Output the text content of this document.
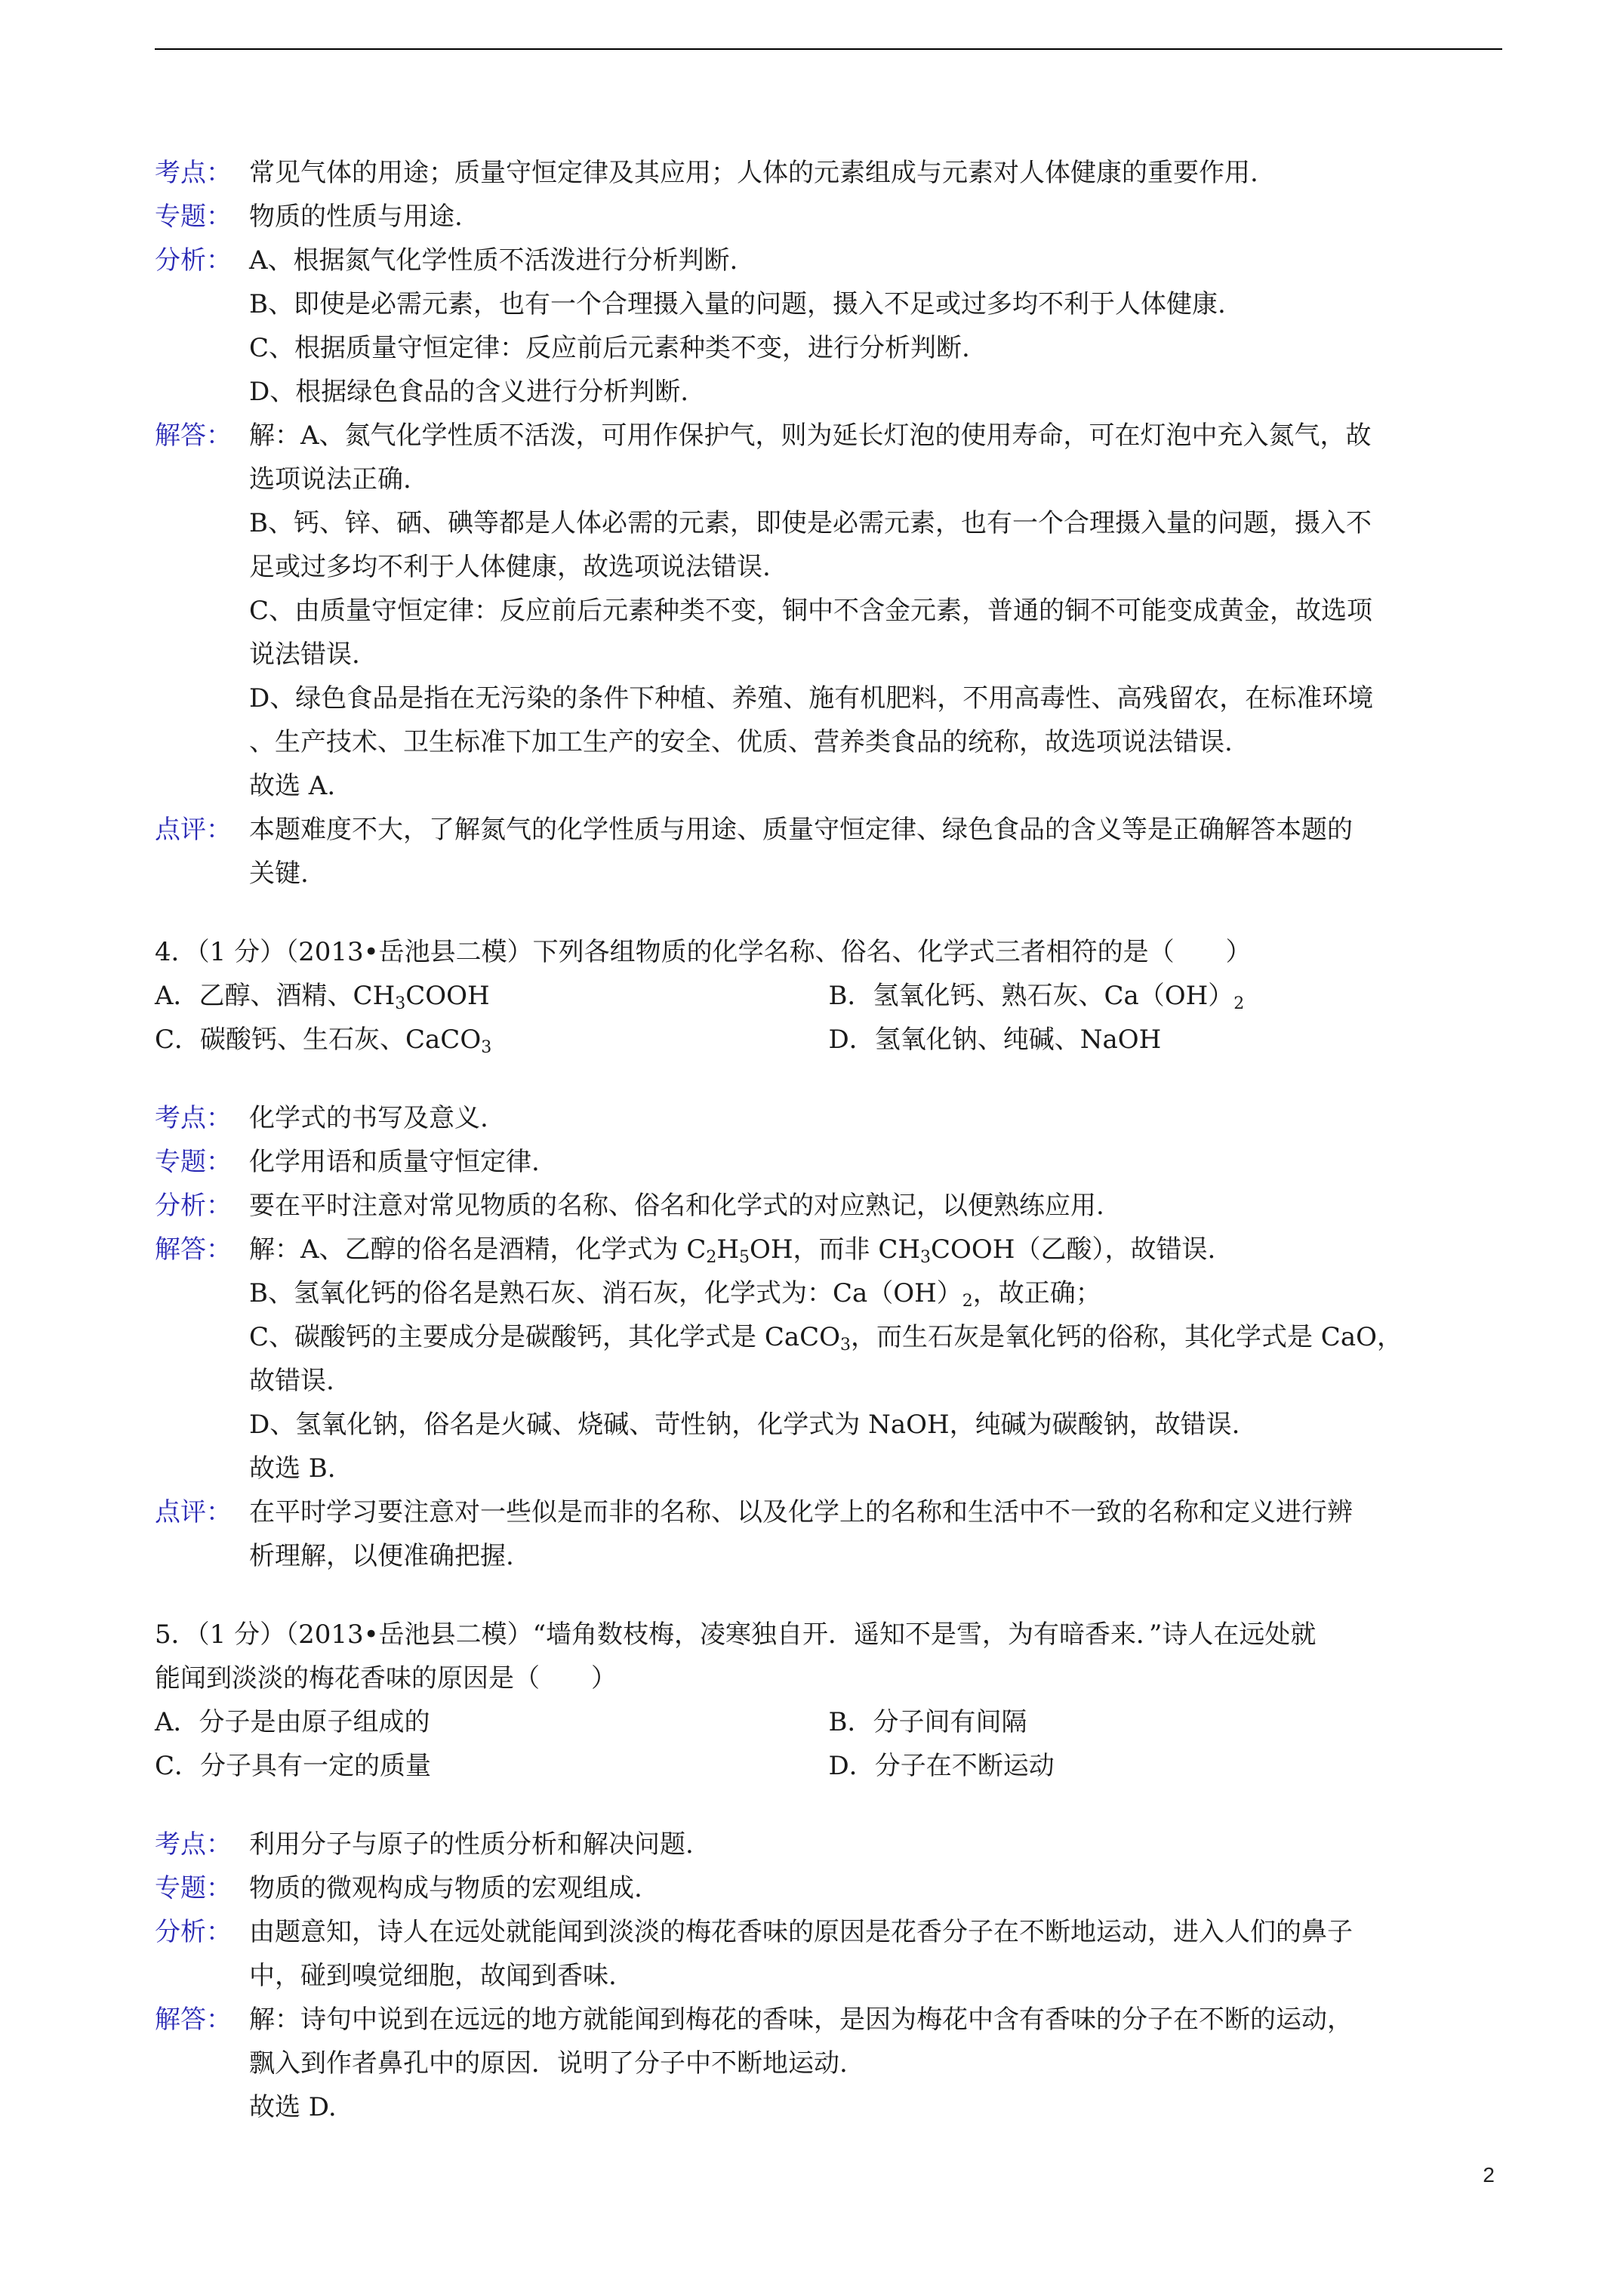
考点： 常见气体的用途；质量守恒定律及其应用；人体的元素组成与元素对人体健康的重要作用.
专题： 物质的性质与用途.
分析： A、根据氮气化学性质不活泼进行分析判断.
B、即使是必需元素，也有一个合理摄入量的问题，摄入不足或过多均不利于人体健康.
C、根据质量守恒定律：反应前后元素种类不变，进行分析判断.
D、根据绿色食品的含义进行分析判断.
解答： 解：A、氮气化学性质不活泼，可用作保护气，则为延长灯泡的使用寿命，可在灯泡中充入氮气，故
选项说法正确.
B、钙、锌、硒、碘等都是人体必需的元素，即使是必需元素，也有一个合理摄入量的问题，摄入不
足或过多均不利于人体健康，故选项说法错误.
C、由质量守恒定律：反应前后元素种类不变，铜中不含金元素，普通的铜不可能变成黄金，故选项
说法错误.
D、绿色食品是指在无污染的条件下种植、养殖、施有机肥料，不用高毒性、高残留农，在标准环境
、生产技术、卫生标准下加工生产的安全、优质、营养类食品的统称，故选项说法错误.
故选 A.
点评： 本题难度不大，了解氮气的化学性质与用途、质量守恒定律、绿色食品的含义等是正确解答本题的
关键.
4．（1 分）（2013•岳池县二模）下列各组物质的化学名称、俗名、化学式三者相符的是（　　）
A．乙醇、酒精、$CH_3COOH$	B．氢氧化钙、熟石灰、$Ca(OH)_2$
C．碳酸钙、生石灰、CaCO$_3$	D．氢氧化钠、纯碱、NaOH
考点： 化学式的书写及意义.
专题： 化学用语和质量守恒定律.
分析： 要在平时注意对常见物质的名称、俗名和化学式的对应熟记，以便熟练应用.
解答： 解：A、乙醇的俗名是酒精，化学式为 $C_2H_5OH$，而非 $CH_3COOH$（乙酸），故错误.
B、氢氧化钙的俗名是熟石灰、消石灰，化学式为：$Ca(OH)_2$，故正确；
C、碳酸钙的主要成分是碳酸钙，其化学式是 CaCO$_3$，而生石灰是氧化钙的俗称，其化学式是 CaO，
故错误.
D、氢氧化钠，俗名是火碱、烧碱、苛性钠，化学式为 NaOH，纯碱为碳酸钠，故错误.
故选 B.
点评： 在平时学习要注意对一些似是而非的名称、以及化学上的名称和生活中不一致的名称和定义进行辨
析理解，以便准确把握.
5．（1 分）（2013•岳池县二模）“墙角数枝梅，凌寒独自开．遥知不是雪，为有暗香来．”诗人在远处就
能闻到淡淡的梅花香味的原因是（　　）
A．分子是由原子组成的	B．分子间有间隔
C．分子具有一定的质量	D．分子在不断运动
考点： 利用分子与原子的性质分析和解决问题.
专题： 物质的微观构成与物质的宏观组成.
分析： 由题意知，诗人在远处就能闻到淡淡的梅花香味的原因是花香分子在不断地运动，进入人们的鼻子
中，碰到嗅觉细胞，故闻到香味.
解答： 解：诗句中说到在远远的地方就能闻到梅花的香味，是因为梅花中含有香味的分子在不断的运动，
飘入到作者鼻孔中的原因．说明了分子中不断地运动.
故选 D.
2
